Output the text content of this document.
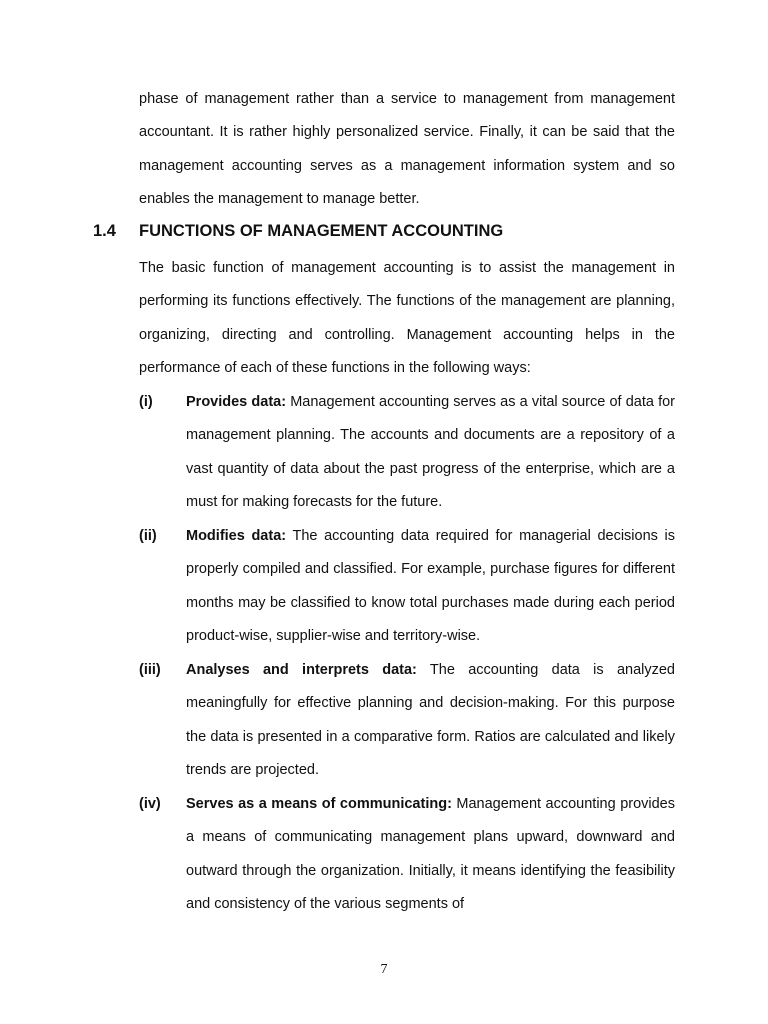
phase of management rather than a service to management from management accountant. It is rather highly personalized service. Finally, it can be said that the management accounting serves as a management information system and so enables the management to manage better.

1.4 FUNCTIONS OF MANAGEMENT ACCOUNTING

The basic function of management accounting is to assist the management in performing its functions effectively. The functions of the management are planning, organizing, directing and controlling. Management accounting helps in the performance of each of these functions in the following ways:

(i) Provides data: Management accounting serves as a vital source of data for management planning. The accounts and documents are a repository of a vast quantity of data about the past progress of the enterprise, which are a must for making forecasts for the future.
(ii) Modifies data: The accounting data required for managerial decisions is properly compiled and classified. For example, purchase figures for different months may be classified to know total purchases made during each period product-wise, supplier-wise and territory-wise.
(iii) Analyses and interprets data: The accounting data is analyzed meaningfully for effective planning and decision-making. For this purpose the data is presented in a comparative form. Ratios are calculated and likely trends are projected.
(iv) Serves as a means of communicating: Management accounting provides a means of communicating management plans upward, downward and outward through the organization. Initially, it means identifying the feasibility and consistency of the various segments of
7
